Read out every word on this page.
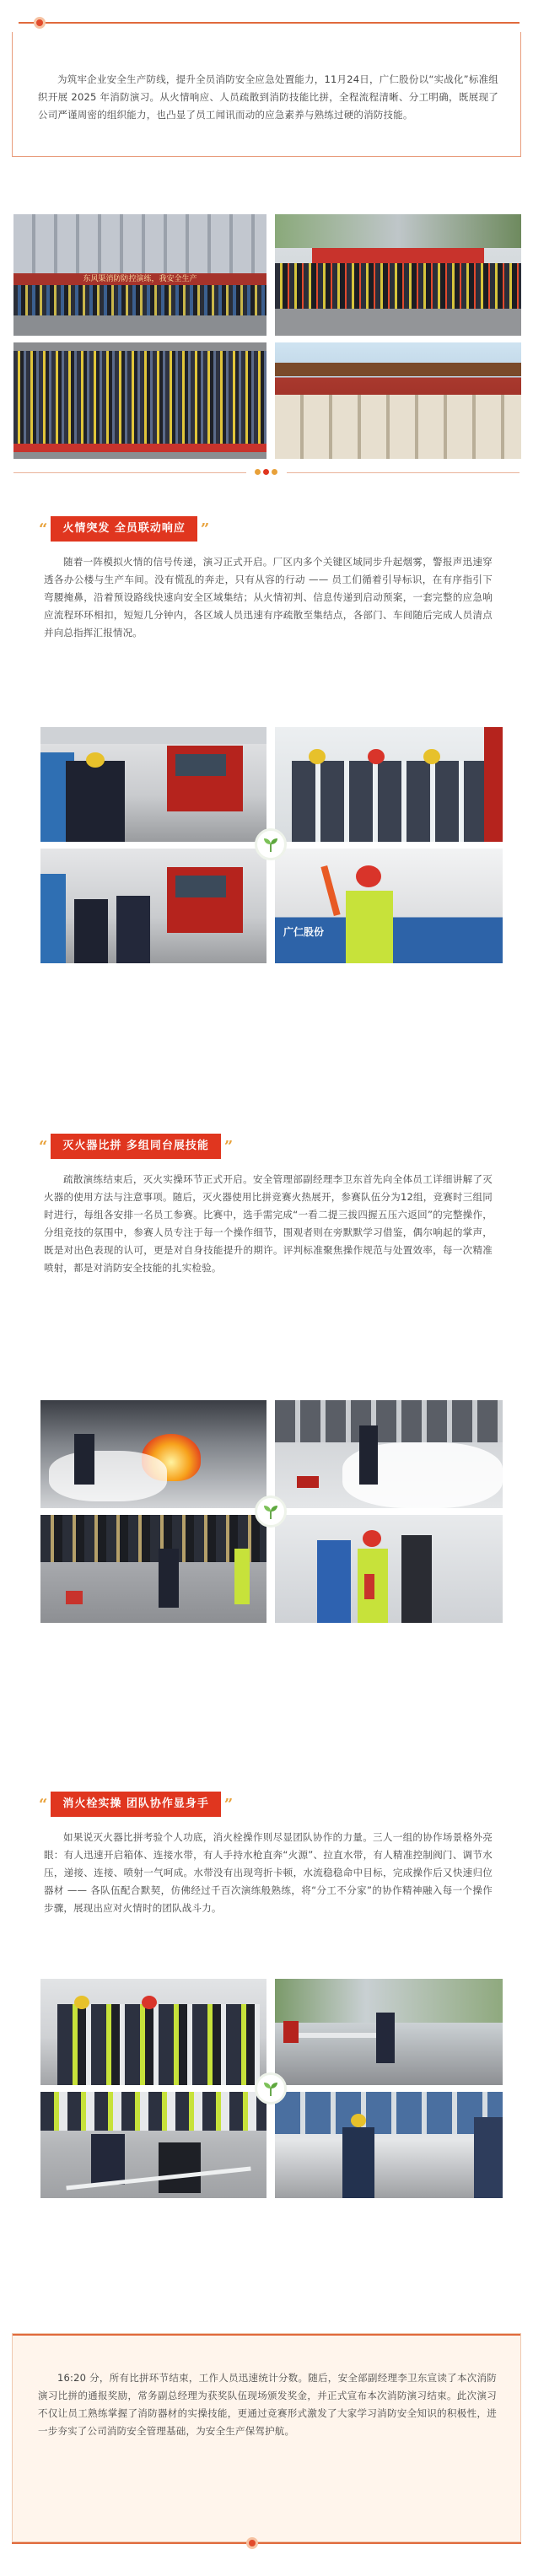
为筑牢企业安全生产防线，提升全员消防安全应急处置能力，11月24日，广仁股份以“实战化”标准组织开展 2025 年消防演习。从火情响应、人员疏散到消防技能比拼，全程流程清晰、分工明确，既展现了公司严谨周密的组织能力，也凸显了员工闻讯而动的应急素养与熟练过硬的消防技能。

东风渠消防防控演练，我安全生产
“	火情突发 全员联动响应	”

随着一阵模拟火情的信号传递，演习正式开启。厂区内多个关键区域同步升起烟雾，警报声迅速穿透各办公楼与生产车间。没有慌乱的奔走，只有从容的行动 —— 员工们循着引导标识，在有序指引下弯腰掩鼻，沿着预设路线快速向安全区域集结；从火情初判、信息传递到启动预案，一套完整的应急响应流程环环相扣，短短几分钟内，各区域人员迅速有序疏散至集结点，各部门、车间随后完成人员清点并向总指挥汇报情况。

广仁股份
“	灭火器比拼 多组同台展技能	”

疏散演练结束后，灭火实操环节正式开启。安全管理部副经理李卫东首先向全体员工详细讲解了灭火器的使用方法与注意事项。随后，灭火器使用比拼竞赛火热展开，参赛队伍分为12组，竞赛时三组同时进行，每组各安排一名员工参赛。比赛中，选手需完成“一看二提三拔四握五压六返回”的完整操作，分组竞技的氛围中，参赛人员专注于每一个操作细节，围观者则在旁默默学习借鉴，偶尔响起的掌声，既是对出色表现的认可，更是对自身技能提升的期许。评判标准聚焦操作规范与处置效率，每一次精准喷射，都是对消防安全技能的扎实检验。

“	消火栓实操 团队协作显身手	”

如果说灭火器比拼考验个人功底，消火栓操作则尽显团队协作的力量。三人一组的协作场景格外亮眼：有人迅速开启箱体、连接水带，有人手持水枪直奔“火源”、拉直水带，有人精准控制阀门、调节水压，递接、连接、喷射一气呵成。水带没有出现弯折卡顿，水流稳稳命中目标，完成操作后又快速归位器材 —— 各队伍配合默契，仿佛经过千百次演练般熟练，将“分工不分家”的协作精神融入每一个操作步骤，展现出应对火情时的团队战斗力。

16:20 分，所有比拼环节结束，工作人员迅速统计分数。随后，安全部副经理李卫东宣读了本次消防演习比拼的通报奖励，常务副总经理为获奖队伍现场颁发奖金，并正式宣布本次消防演习结束。此次演习不仅让员工熟练掌握了消防器材的实操技能，更通过竞赛形式激发了大家学习消防安全知识的积极性，进一步夯实了公司消防安全管理基础，为安全生产保驾护航。
